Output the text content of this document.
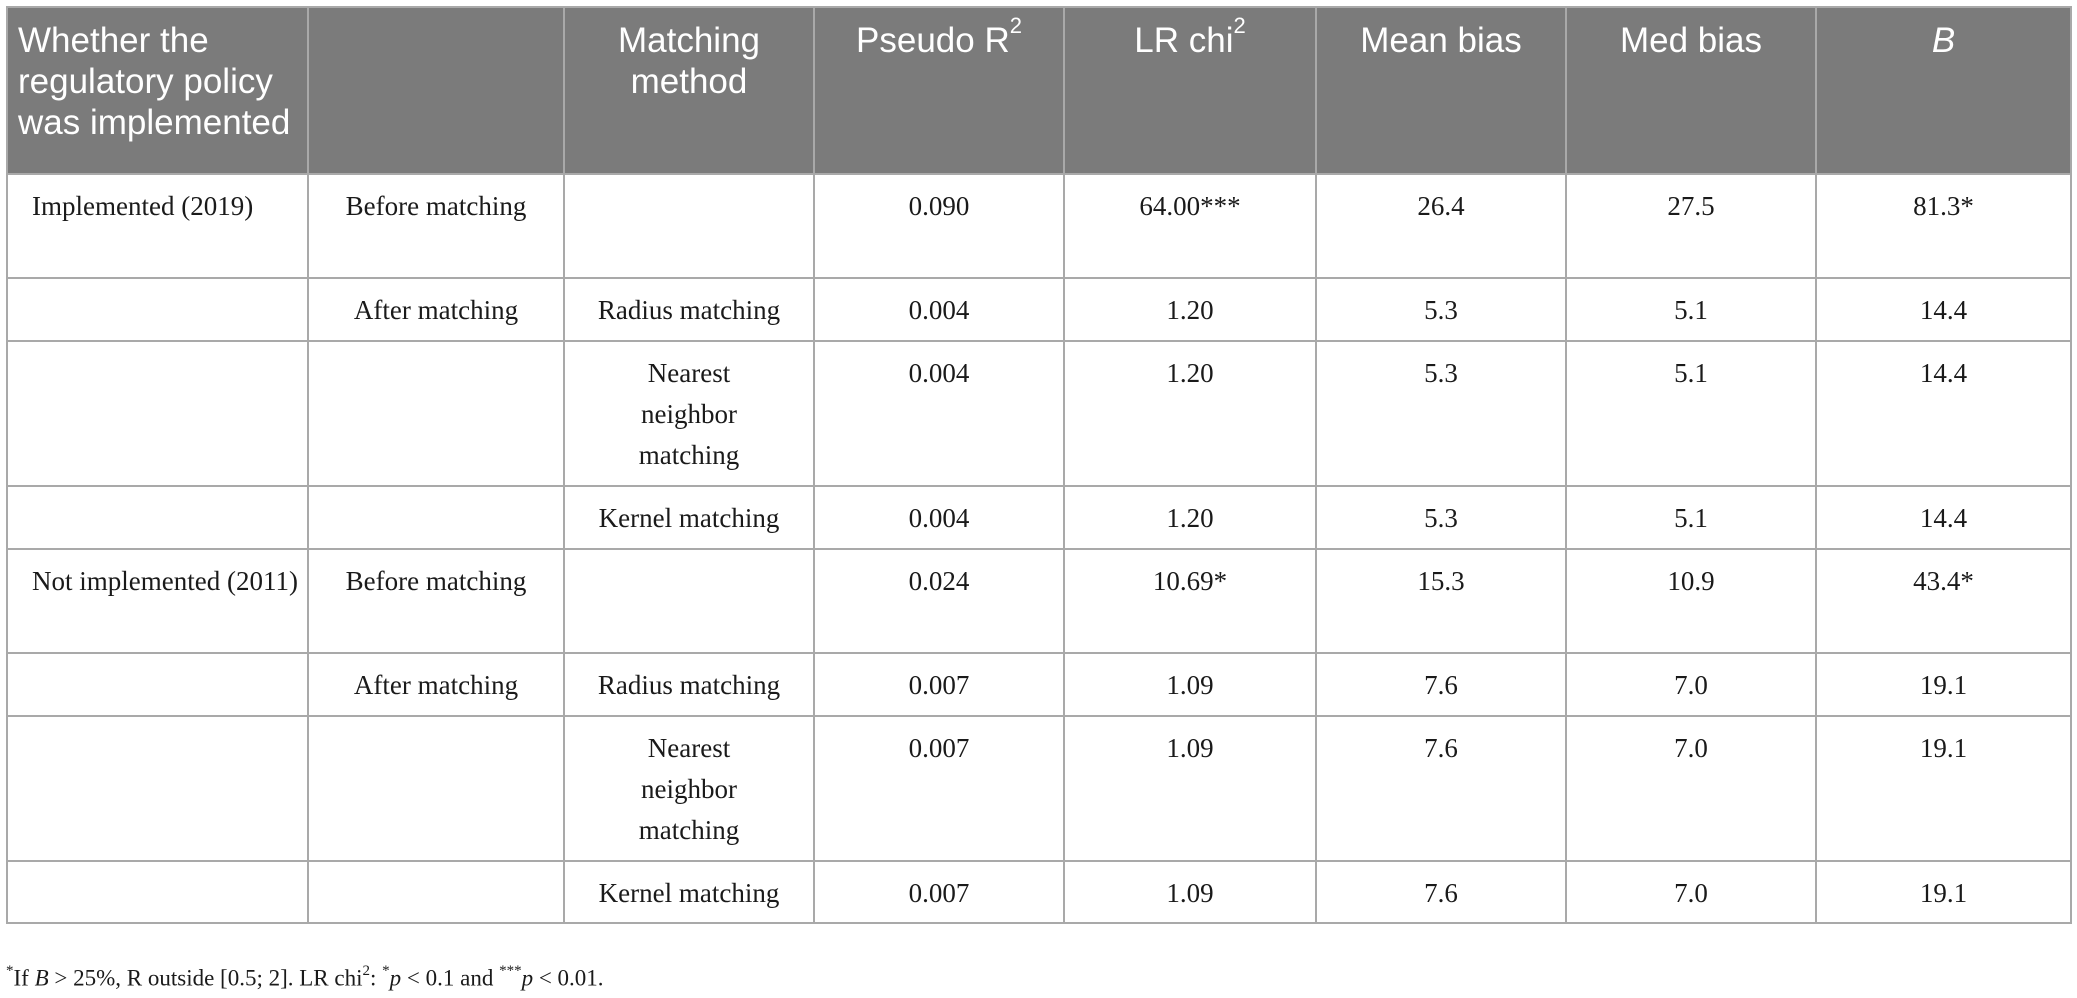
Whether the regulatory policy was implemented		Matching method	Pseudo $R^2$	LR chi$^2$	Mean bias	Med bias	B
Implemented (2019)	Before matching		0.090	64.00***	26.4	27.5	81.3*
	After matching	Radius matching	0.004	1.20	5.3	5.1	14.4
		Nearest neighbor matching	0.004	1.20	5.3	5.1	14.4
		Kernel matching	0.004	1.20	5.3	5.1	14.4
Not implemented (2011)	Before matching		0.024	10.69*	15.3	10.9	43.4*
	After matching	Radius matching	0.007	1.09	7.6	7.0	19.1
		Nearest neighbor matching	0.007	1.09	7.6	7.0	19.1
		Kernel matching	0.007	1.09	7.6	7.0	19.1
*If B > 25%, R outside [0.5; 2]. LR chi$^2$: *p < 0.1 and ***p < 0.01.
